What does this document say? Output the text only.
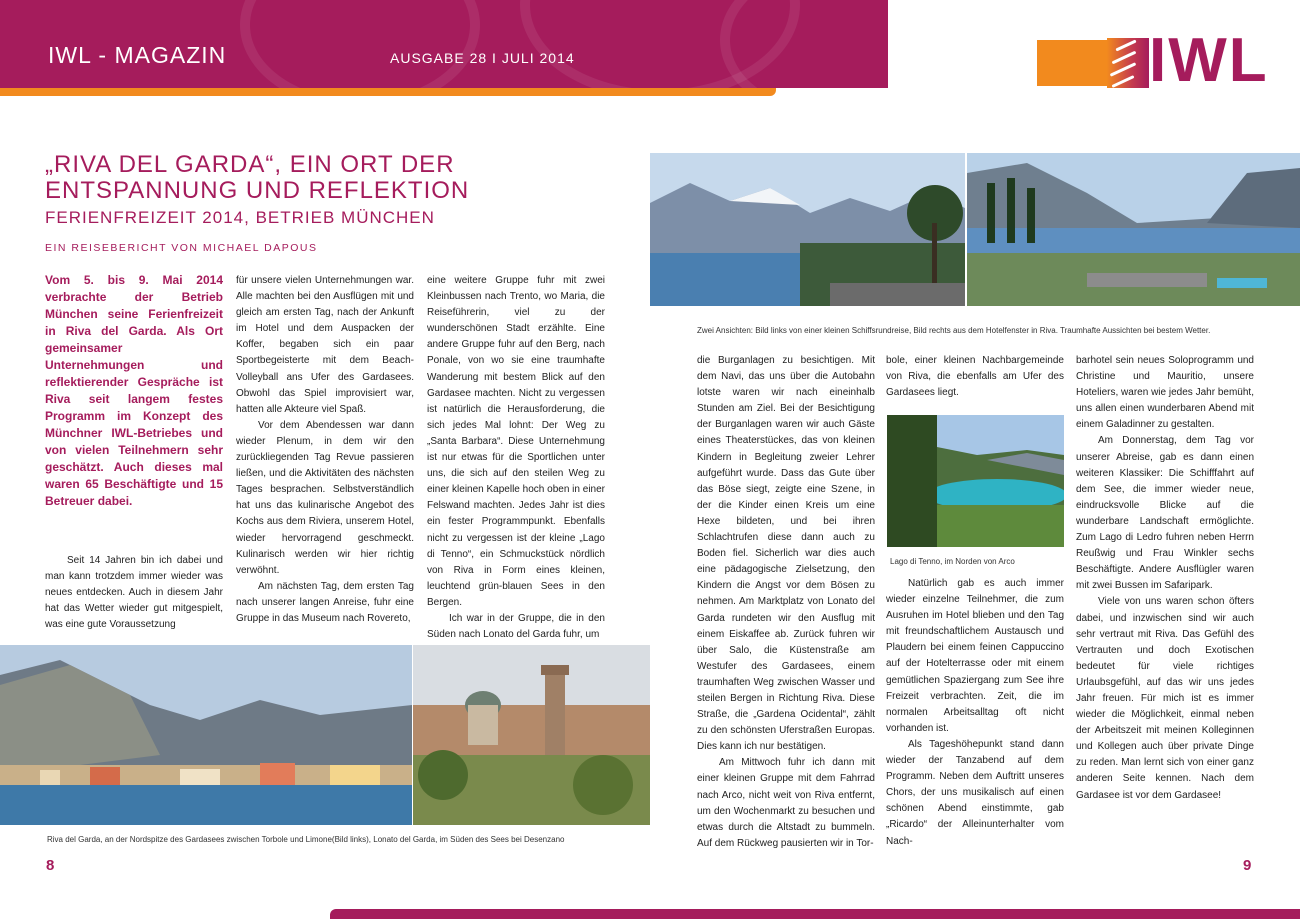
IWL - MAGAZIN	AUSGABE 28 I JULI 2014	IWL
„RIVA DEL GARDA“, EIN ORT DER ENTSPANNUNG UND REFLEKTION
FERIENFREIZEIT 2014, BETRIEB MÜNCHEN
EIN REISEBERICHT VON MICHAEL DAPOUS
Vom 5. bis 9. Mai 2014 verbrachte der Betrieb München seine Ferienfreizeit in Riva del Garda. Als Ort gemeinsamer Unternehmungen und reflektierender Gespräche ist Riva seit langem festes Programm im Konzept des Münchner IWL-Betriebes und von vielen Teilnehmern sehr geschätzt. Auch dieses mal waren 65 Beschäftigte und 15 Betreuer dabei.

Seit 14 Jahren bin ich dabei und man kann trotzdem immer wieder was neues entdecken. Auch in diesem Jahr hat das Wetter wieder gut mitgespielt, was eine gute Voraussetzung

für unsere vielen Unternehmungen war. Alle machten bei den Ausflügen mit und gleich am ersten Tag, nach der Ankunft im Hotel und dem Auspacken der Koffer, begaben sich ein paar Sportbegeisterte mit dem Beach-Volleyball ans Ufer des Gardasees. Obwohl das Spiel improvisiert war, hatten alle Akteure viel Spaß.

Vor dem Abendessen war dann wieder Plenum, in dem wir den zurückliegenden Tag Revue passieren ließen, und die Aktivitäten des nächsten Tages besprachen. Selbstverständlich hat uns das kulinarische Angebot des Kochs aus dem Riviera, unserem Hotel, wieder hervorragend geschmeckt. Kulinarisch werden wir hier richtig verwöhnt.

Am nächsten Tag, dem ersten Tag nach unserer langen Anreise, fuhr eine Gruppe in das Museum nach Rovereto,

eine weitere Gruppe fuhr mit zwei Kleinbussen nach Trento, wo Maria, die Reiseführerin, viel zu der wunderschönen Stadt erzählte. Eine andere Gruppe fuhr auf den Berg, nach Ponale, von wo sie eine traumhafte Wanderung mit bestem Blick auf den Gardasee machten. Nicht zu vergessen ist natürlich die Herausforderung, die sich jedes Mal lohnt: Der Weg zu „Santa Barbara“. Diese Unternehmung ist nur etwas für die Sportlichen unter uns, die sich auf den steilen Weg zu einer kleinen Kapelle hoch oben in einer Felswand machten. Jedes Jahr ist dies ein fester Programmpunkt. Ebenfalls nicht zu vergessen ist der kleine „Lago di Tenno“, ein Schmuckstück nördlich von Riva in Form eines kleinen, leuchtend grün-blauen Sees in den Bergen.

Ich war in der Gruppe, die in den Süden nach Lonato del Garda fuhr, um

Zwei Ansichten: Bild links von einer kleinen Schiffsrundreise, Bild rechts aus dem Hotelfenster in Riva. Traumhafte Aussichten bei bestem Wetter.

die Burganlagen zu besichtigen. Mit dem Navi, das uns über die Autobahn lotste waren wir nach eineinhalb Stunden am Ziel. Bei der Besichtigung der Burganlagen waren wir auch Gäste eines Theaterstückes, das von kleinen Kindern in Begleitung zweier Lehrer aufgeführt wurde. Dass das Gute über das Böse siegt, zeigte eine Szene, in der die Kinder einen Kreis um eine Hexe bildeten, und bei ihren Schlachtrufen diese dann auch zu Boden fiel. Sicherlich war dies auch eine pädagogische Zielsetzung, den Kindern die Angst vor dem Bösen zu nehmen. Am Marktplatz von Lonato del Garda rundeten wir den Ausflug mit einem Eiskaffee ab. Zurück fuhren wir über Salo, die Küstenstraße am Westufer des Gardasees, einem traumhaften Weg zwischen Wasser und steilen Bergen in Richtung Riva. Diese Straße, die „Gardena Ocidental“, zählt zu den schönsten Uferstraßen Europas. Dies kann ich nur bestätigen.

Am Mittwoch fuhr ich dann mit einer kleinen Gruppe mit dem Fahrrad nach Arco, nicht weit von Riva entfernt, um den Wochenmarkt zu besuchen und etwas durch die Altstadt zu bummeln. Auf dem Rückweg pausierten wir in Tor-

bole, einer kleinen Nachbargemeinde von Riva, die ebenfalls am Ufer des Gardasees liegt.

Lago di Tenno, im Norden von Arco

Natürlich gab es auch immer wieder einzelne Teilnehmer, die zum Ausruhen im Hotel blieben und den Tag mit freundschaftlichem Austausch und Plaudern bei einem feinen Cappuccino auf der Hotelterrasse oder mit einem gemütlichen Spaziergang zum See ihre Freizeit verbrachten. Zeit, die im normalen Arbeitsalltag oft nicht vorhanden ist.

Als Tageshöhepunkt stand dann wieder der Tanzabend auf dem Programm. Neben dem Auftritt unseres Chors, der uns musikalisch auf einen schönen Abend einstimmte, gab „Ricardo“ der Alleinunterhalter vom Nach-

barhotel sein neues Soloprogramm und Christine und Mauritio, unsere Hoteliers, waren wie jedes Jahr bemüht, uns allen einen wunderbaren Abend mit einem Galadinner zu gestalten.

Am Donnerstag, dem Tag vor unserer Abreise, gab es dann einen weiteren Klassiker: Die Schifffahrt auf dem See, die immer wieder neue, eindrucksvolle Blicke auf die wunderbare Landschaft ermöglichte. Zum Lago di Ledro fuhren neben Herrn Reußwig und Frau Winkler sechs Beschäftigte. Andere Ausflügler waren mit zwei Bussen im Safaripark.

Viele von uns waren schon öfters dabei, und inzwischen sind wir auch sehr vertraut mit Riva. Das Gefühl des Vertrauten und doch Exotischen bedeutet für viele richtiges Urlaubsgefühl, auf das wir uns jedes Jahr freuen. Für mich ist es immer wieder die Möglichkeit, einmal neben der Arbeitszeit mit meinen Kolleginnen und Kollegen auch über private Dinge zu reden. Man lernt sich von einer ganz anderen Seite kennen. Nach dem Gardasee ist vor dem Gardasee!

Riva del Garda, an der Nordspitze des Gardasees zwischen Torbole und Limone(Bild links), Lonato del Garda, im Süden des Sees bei Desenzano
8	9
